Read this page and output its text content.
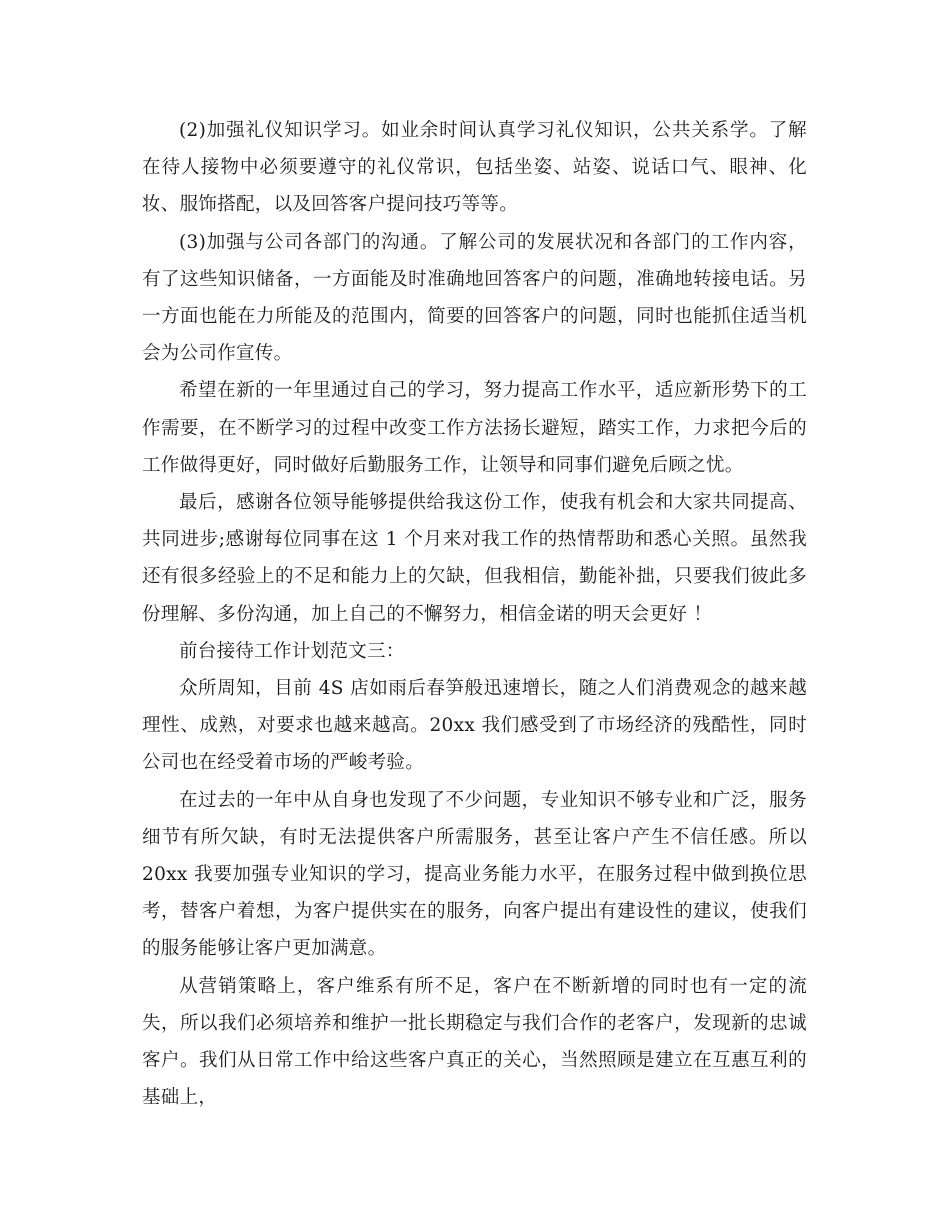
(2)加强礼仪知识学习。如业余时间认真学习礼仪知识，公共关系学。了解在待人接物中必须要遵守的礼仪常识，包括坐姿、站姿、说话口气、眼神、化妆、服饰搭配，以及回答客户提问技巧等等。

(3)加强与公司各部门的沟通。了解公司的发展状况和各部门的工作内容，有了这些知识储备，一方面能及时准确地回答客户的问题，准确地转接电话。另一方面也能在力所能及的范围内，简要的回答客户的问题，同时也能抓住适当机会为公司作宣传。

希望在新的一年里通过自己的学习，努力提高工作水平，适应新形势下的工作需要，在不断学习的过程中改变工作方法扬长避短，踏实工作，力求把今后的工作做得更好，同时做好后勤服务工作，让领导和同事们避免后顾之忧。

最后，感谢各位领导能够提供给我这份工作，使我有机会和大家共同提高、共同进步;感谢每位同事在这 1 个月来对我工作的热情帮助和悉心关照。虽然我还有很多经验上的不足和能力上的欠缺，但我相信，勤能补拙，只要我们彼此多份理解、多份沟通，加上自己的不懈努力，相信金诺的明天会更好 ！

前台接待工作计划范文三：

众所周知，目前 4S 店如雨后春笋般迅速增长，随之人们消费观念的越来越理性、成熟，对要求也越来越高。20xx 我们感受到了市场经济的残酷性，同时公司也在经受着市场的严峻考验。

在过去的一年中从自身也发现了不少问题，专业知识不够专业和广泛，服务细节有所欠缺，有时无法提供客户所需服务，甚至让客户产生不信任感。所以 20xx 我要加强专业知识的学习，提高业务能力水平，在服务过程中做到换位思考，替客户着想，为客户提供实在的服务，向客户提出有建设性的建议，使我们的服务能够让客户更加满意。

从营销策略上，客户维系有所不足，客户在不断新增的同时也有一定的流失，所以我们必须培养和维护一批长期稳定与我们合作的老客户，发现新的忠诚客户。我们从日常工作中给这些客户真正的关心，当然照顾是建立在互惠互利的基础上，
